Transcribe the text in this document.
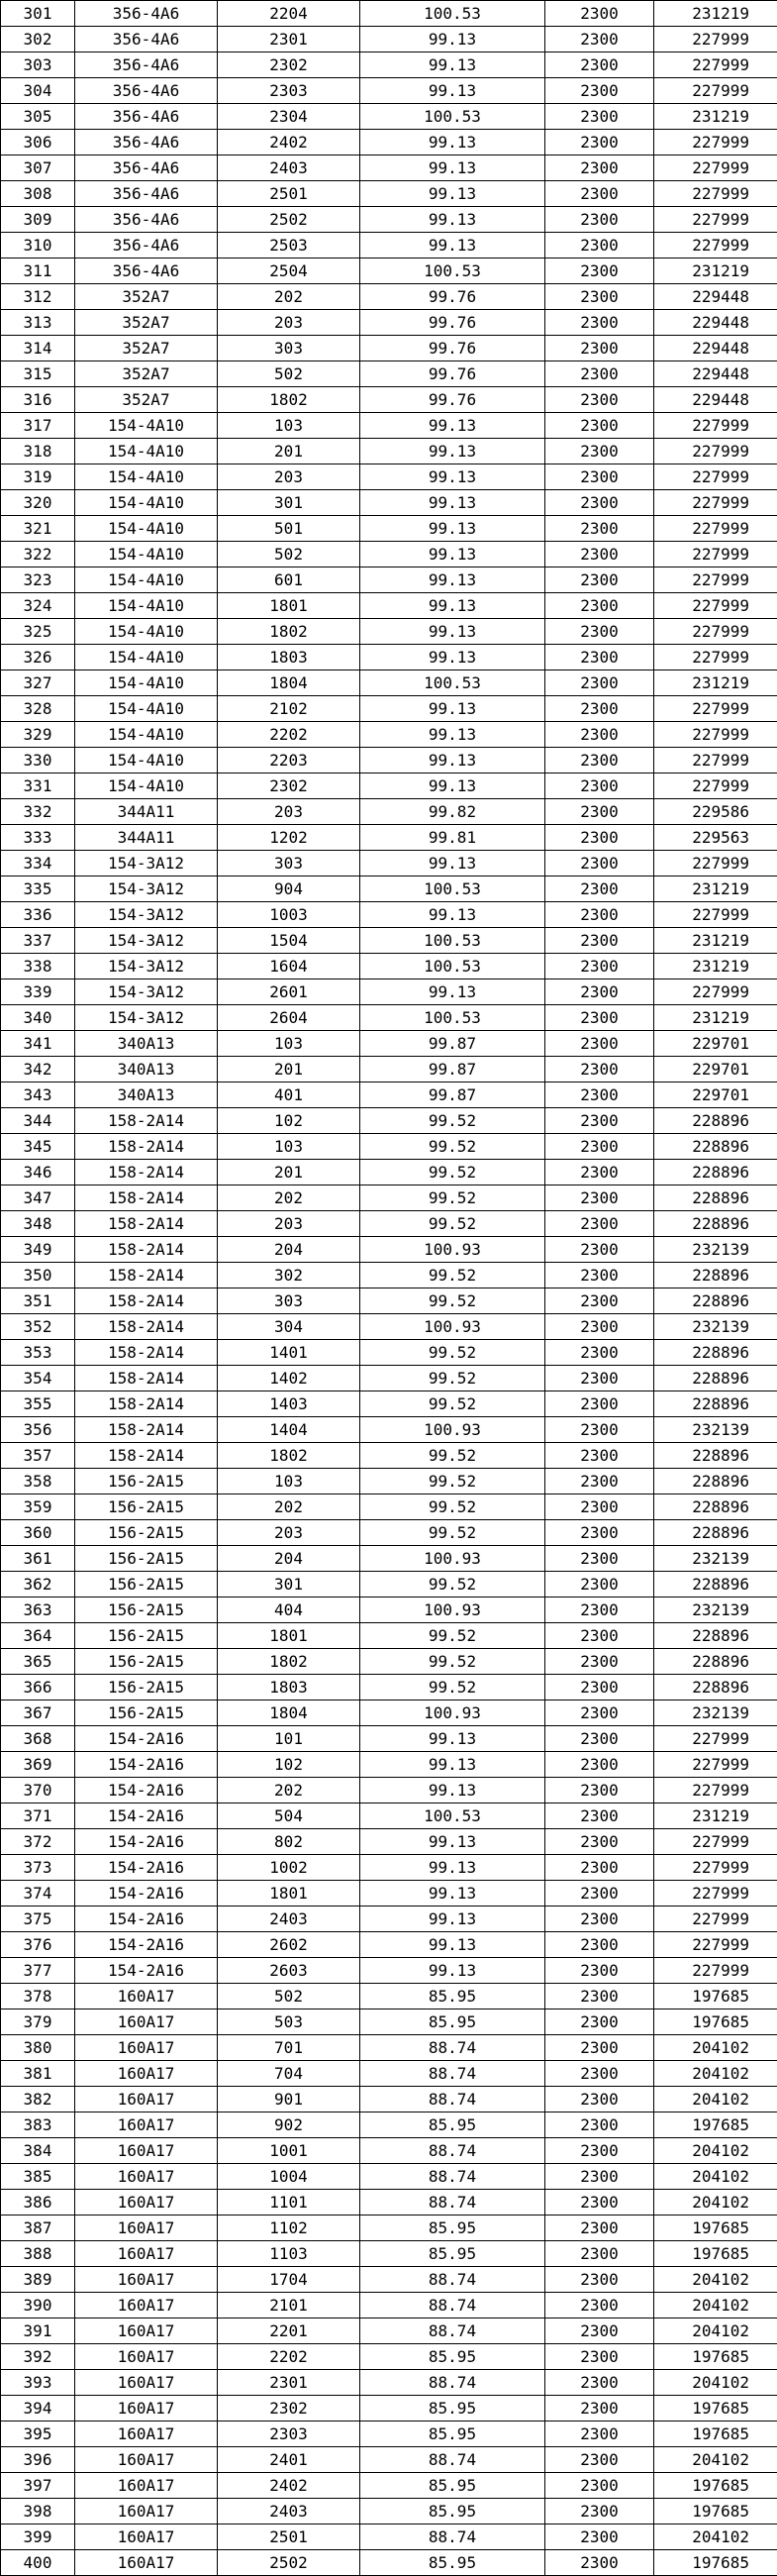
301	356-4A6	2204	100.53	2300	231219
302	356-4A6	2301	99.13	2300	227999
303	356-4A6	2302	99.13	2300	227999
304	356-4A6	2303	99.13	2300	227999
305	356-4A6	2304	100.53	2300	231219
306	356-4A6	2402	99.13	2300	227999
307	356-4A6	2403	99.13	2300	227999
308	356-4A6	2501	99.13	2300	227999
309	356-4A6	2502	99.13	2300	227999
310	356-4A6	2503	99.13	2300	227999
311	356-4A6	2504	100.53	2300	231219
312	352A7	202	99.76	2300	229448
313	352A7	203	99.76	2300	229448
314	352A7	303	99.76	2300	229448
315	352A7	502	99.76	2300	229448
316	352A7	1802	99.76	2300	229448
317	154-4A10	103	99.13	2300	227999
318	154-4A10	201	99.13	2300	227999
319	154-4A10	203	99.13	2300	227999
320	154-4A10	301	99.13	2300	227999
321	154-4A10	501	99.13	2300	227999
322	154-4A10	502	99.13	2300	227999
323	154-4A10	601	99.13	2300	227999
324	154-4A10	1801	99.13	2300	227999
325	154-4A10	1802	99.13	2300	227999
326	154-4A10	1803	99.13	2300	227999
327	154-4A10	1804	100.53	2300	231219
328	154-4A10	2102	99.13	2300	227999
329	154-4A10	2202	99.13	2300	227999
330	154-4A10	2203	99.13	2300	227999
331	154-4A10	2302	99.13	2300	227999
332	344A11	203	99.82	2300	229586
333	344A11	1202	99.81	2300	229563
334	154-3A12	303	99.13	2300	227999
335	154-3A12	904	100.53	2300	231219
336	154-3A12	1003	99.13	2300	227999
337	154-3A12	1504	100.53	2300	231219
338	154-3A12	1604	100.53	2300	231219
339	154-3A12	2601	99.13	2300	227999
340	154-3A12	2604	100.53	2300	231219
341	340A13	103	99.87	2300	229701
342	340A13	201	99.87	2300	229701
343	340A13	401	99.87	2300	229701
344	158-2A14	102	99.52	2300	228896
345	158-2A14	103	99.52	2300	228896
346	158-2A14	201	99.52	2300	228896
347	158-2A14	202	99.52	2300	228896
348	158-2A14	203	99.52	2300	228896
349	158-2A14	204	100.93	2300	232139
350	158-2A14	302	99.52	2300	228896
351	158-2A14	303	99.52	2300	228896
352	158-2A14	304	100.93	2300	232139
353	158-2A14	1401	99.52	2300	228896
354	158-2A14	1402	99.52	2300	228896
355	158-2A14	1403	99.52	2300	228896
356	158-2A14	1404	100.93	2300	232139
357	158-2A14	1802	99.52	2300	228896
358	156-2A15	103	99.52	2300	228896
359	156-2A15	202	99.52	2300	228896
360	156-2A15	203	99.52	2300	228896
361	156-2A15	204	100.93	2300	232139
362	156-2A15	301	99.52	2300	228896
363	156-2A15	404	100.93	2300	232139
364	156-2A15	1801	99.52	2300	228896
365	156-2A15	1802	99.52	2300	228896
366	156-2A15	1803	99.52	2300	228896
367	156-2A15	1804	100.93	2300	232139
368	154-2A16	101	99.13	2300	227999
369	154-2A16	102	99.13	2300	227999
370	154-2A16	202	99.13	2300	227999
371	154-2A16	504	100.53	2300	231219
372	154-2A16	802	99.13	2300	227999
373	154-2A16	1002	99.13	2300	227999
374	154-2A16	1801	99.13	2300	227999
375	154-2A16	2403	99.13	2300	227999
376	154-2A16	2602	99.13	2300	227999
377	154-2A16	2603	99.13	2300	227999
378	160A17	502	85.95	2300	197685
379	160A17	503	85.95	2300	197685
380	160A17	701	88.74	2300	204102
381	160A17	704	88.74	2300	204102
382	160A17	901	88.74	2300	204102
383	160A17	902	85.95	2300	197685
384	160A17	1001	88.74	2300	204102
385	160A17	1004	88.74	2300	204102
386	160A17	1101	88.74	2300	204102
387	160A17	1102	85.95	2300	197685
388	160A17	1103	85.95	2300	197685
389	160A17	1704	88.74	2300	204102
390	160A17	2101	88.74	2300	204102
391	160A17	2201	88.74	2300	204102
392	160A17	2202	85.95	2300	197685
393	160A17	2301	88.74	2300	204102
394	160A17	2302	85.95	2300	197685
395	160A17	2303	85.95	2300	197685
396	160A17	2401	88.74	2300	204102
397	160A17	2402	85.95	2300	197685
398	160A17	2403	85.95	2300	197685
399	160A17	2501	88.74	2300	204102
400	160A17	2502	85.95	2300	197685
